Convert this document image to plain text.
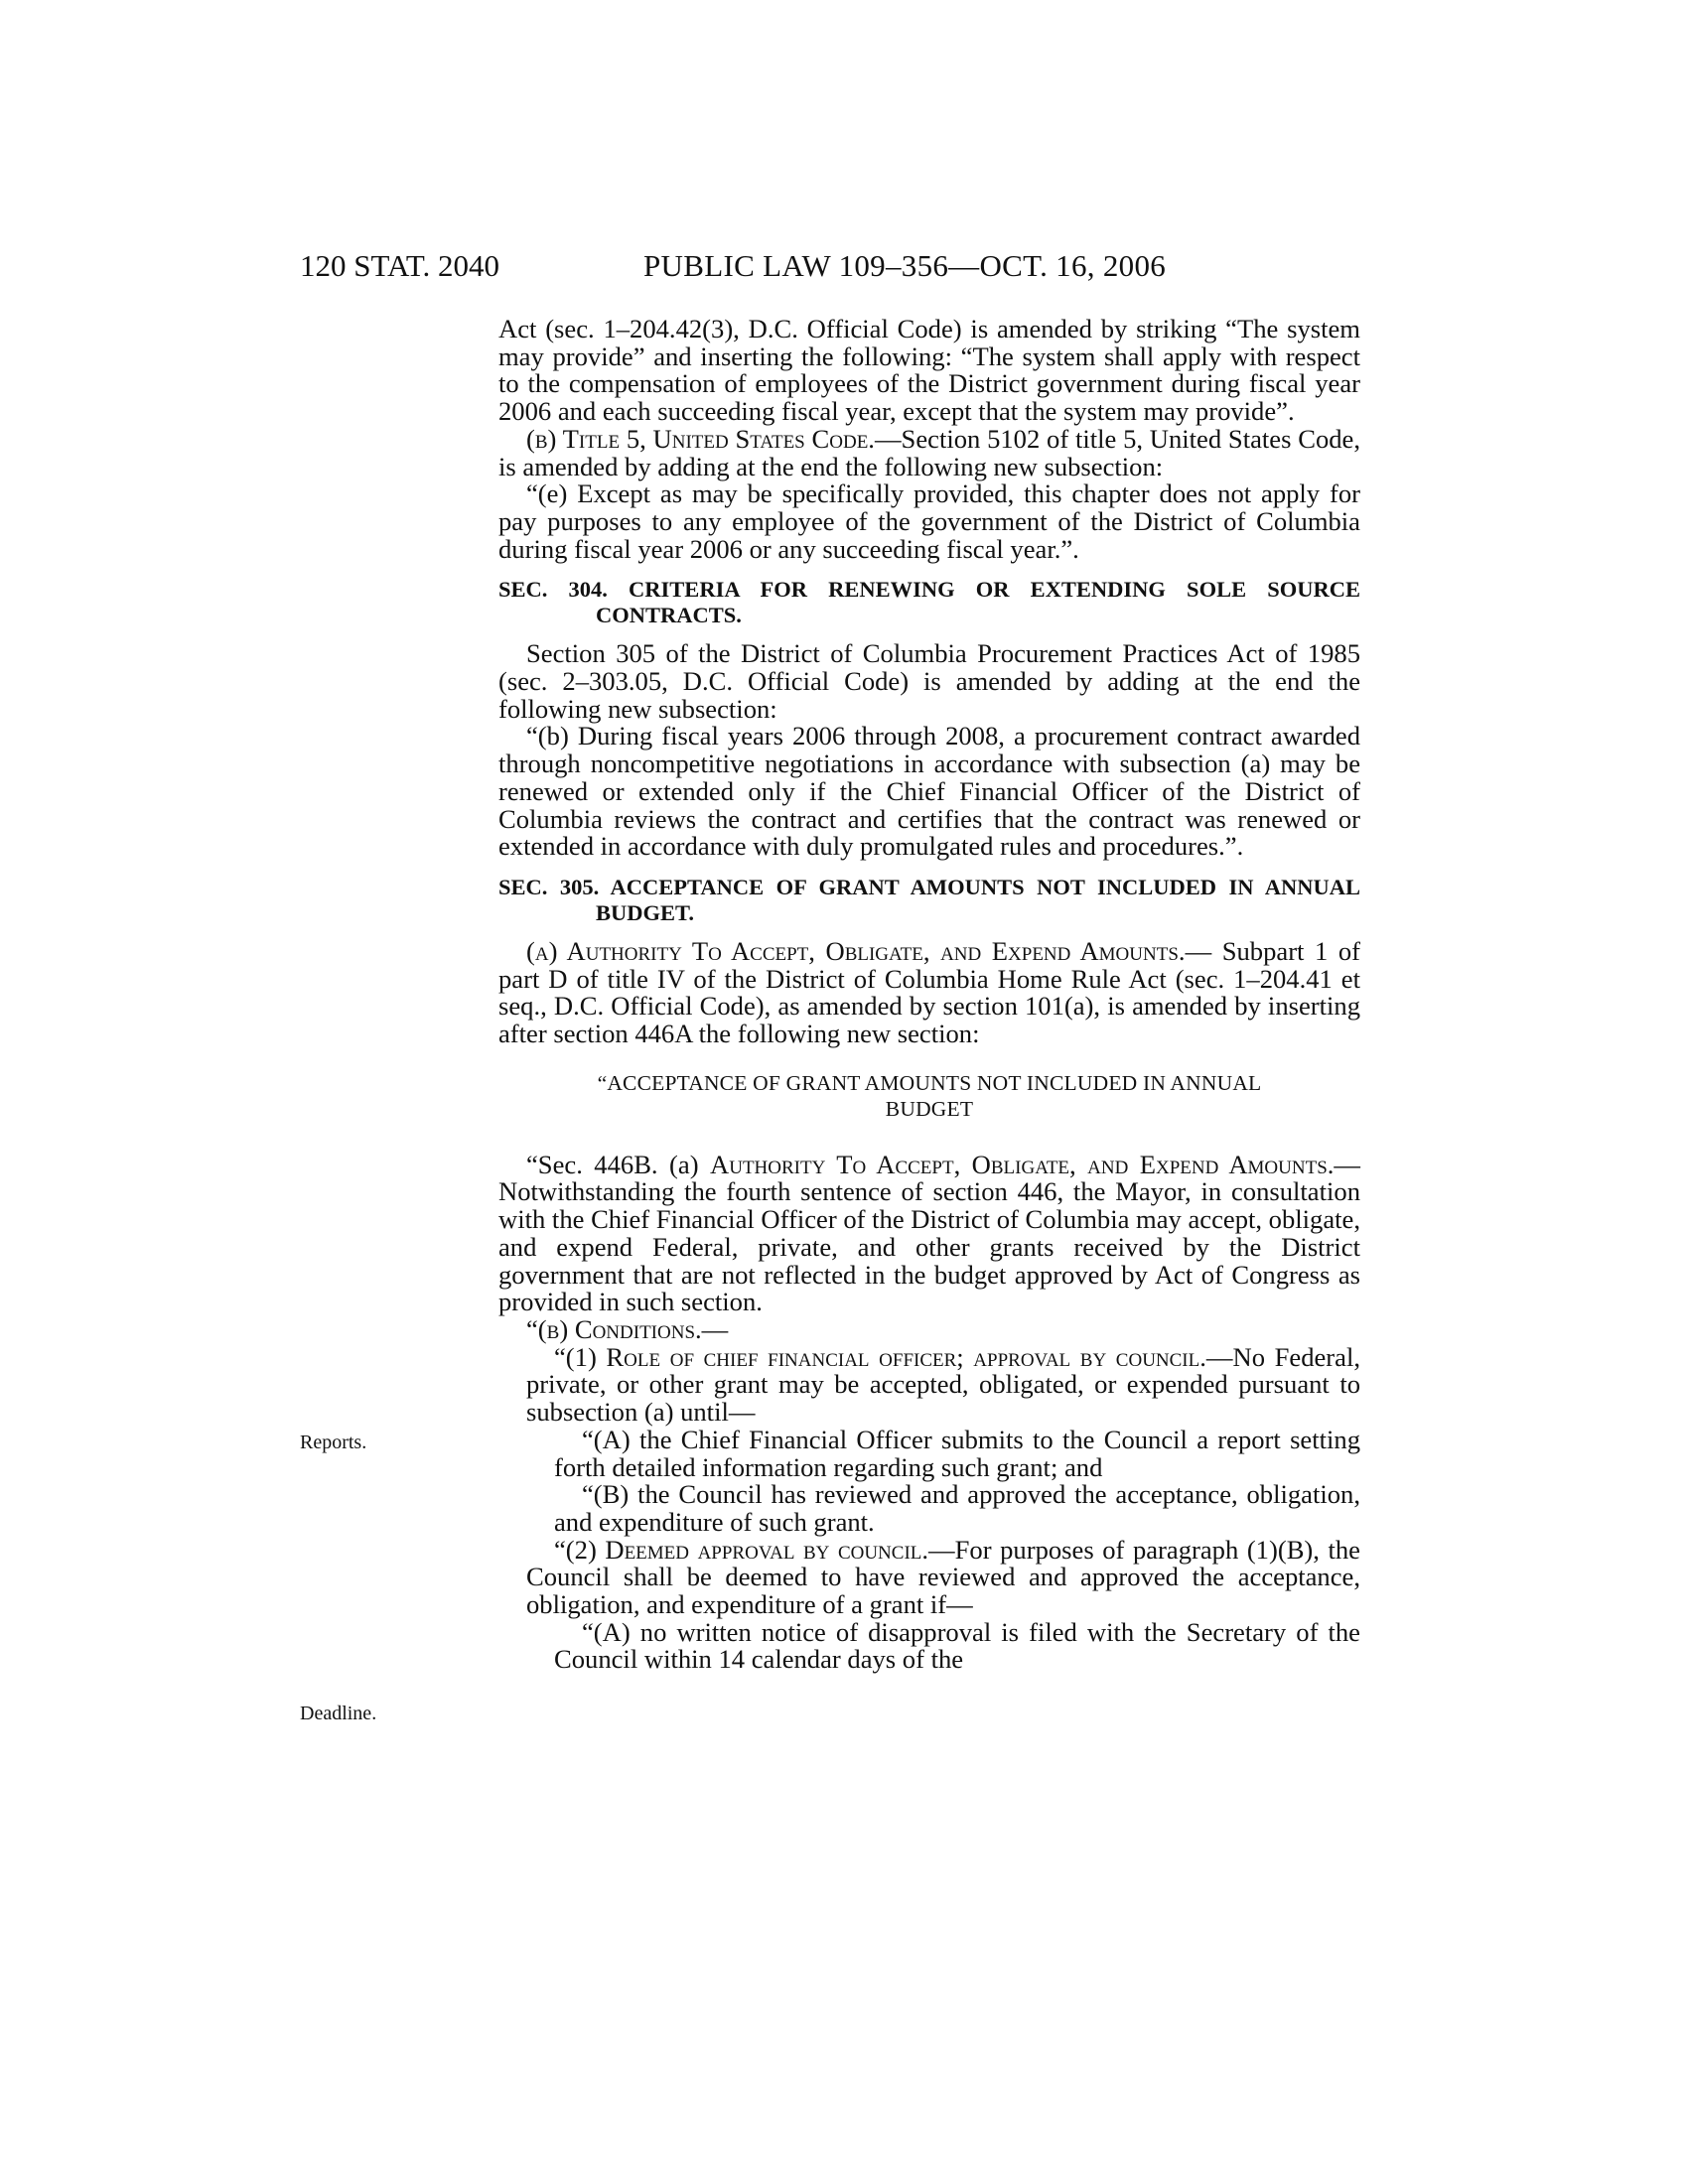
120 STAT. 2040	PUBLIC LAW 109–356—OCT. 16, 2006
Reports.
Deadline.

Act (sec. 1–204.42(3), D.C. Official Code) is amended by striking “The system may provide” and inserting the following: “The system shall apply with respect to the compensation of employees of the District government during fiscal year 2006 and each succeeding fiscal year, except that the system may provide”.

(b) Title 5, United States Code.—Section 5102 of title 5, United States Code, is amended by adding at the end the following new subsection:

“(e) Except as may be specifically provided, this chapter does not apply for pay purposes to any employee of the government of the District of Columbia during fiscal year 2006 or any succeeding fiscal year.”.

SEC. 304. CRITERIA FOR RENEWING OR EXTENDING SOLE SOURCE CONTRACTS.

Section 305 of the District of Columbia Procurement Practices Act of 1985 (sec. 2–303.05, D.C. Official Code) is amended by adding at the end the following new subsection:

“(b) During fiscal years 2006 through 2008, a procurement contract awarded through noncompetitive negotiations in accordance with subsection (a) may be renewed or extended only if the Chief Financial Officer of the District of Columbia reviews the contract and certifies that the contract was renewed or extended in accordance with duly promulgated rules and procedures.”.

SEC. 305. ACCEPTANCE OF GRANT AMOUNTS NOT INCLUDED IN ANNUAL BUDGET.

(a) Authority To Accept, Obligate, and Expend Amounts.— Subpart 1 of part D of title IV of the District of Columbia Home Rule Act (sec. 1–204.41 et seq., D.C. Official Code), as amended by section 101(a), is amended by inserting after section 446A the following new section:

“ACCEPTANCE OF GRANT AMOUNTS NOT INCLUDED IN ANNUAL BUDGET

“Sec. 446B. (a) Authority To Accept, Obligate, and Expend Amounts.—Notwithstanding the fourth sentence of section 446, the Mayor, in consultation with the Chief Financial Officer of the District of Columbia may accept, obligate, and expend Federal, private, and other grants received by the District government that are not reflected in the budget approved by Act of Congress as provided in such section.

“(b) Conditions.—

“(1) Role of chief financial officer; approval by council.—No Federal, private, or other grant may be accepted, obligated, or expended pursuant to subsection (a) until—

“(A) the Chief Financial Officer submits to the Council a report setting forth detailed information regarding such grant; and

“(B) the Council has reviewed and approved the acceptance, obligation, and expenditure of such grant.

“(2) Deemed approval by council.—For purposes of paragraph (1)(B), the Council shall be deemed to have reviewed and approved the acceptance, obligation, and expenditure of a grant if—

“(A) no written notice of disapproval is filed with the Secretary of the Council within 14 calendar days of the
